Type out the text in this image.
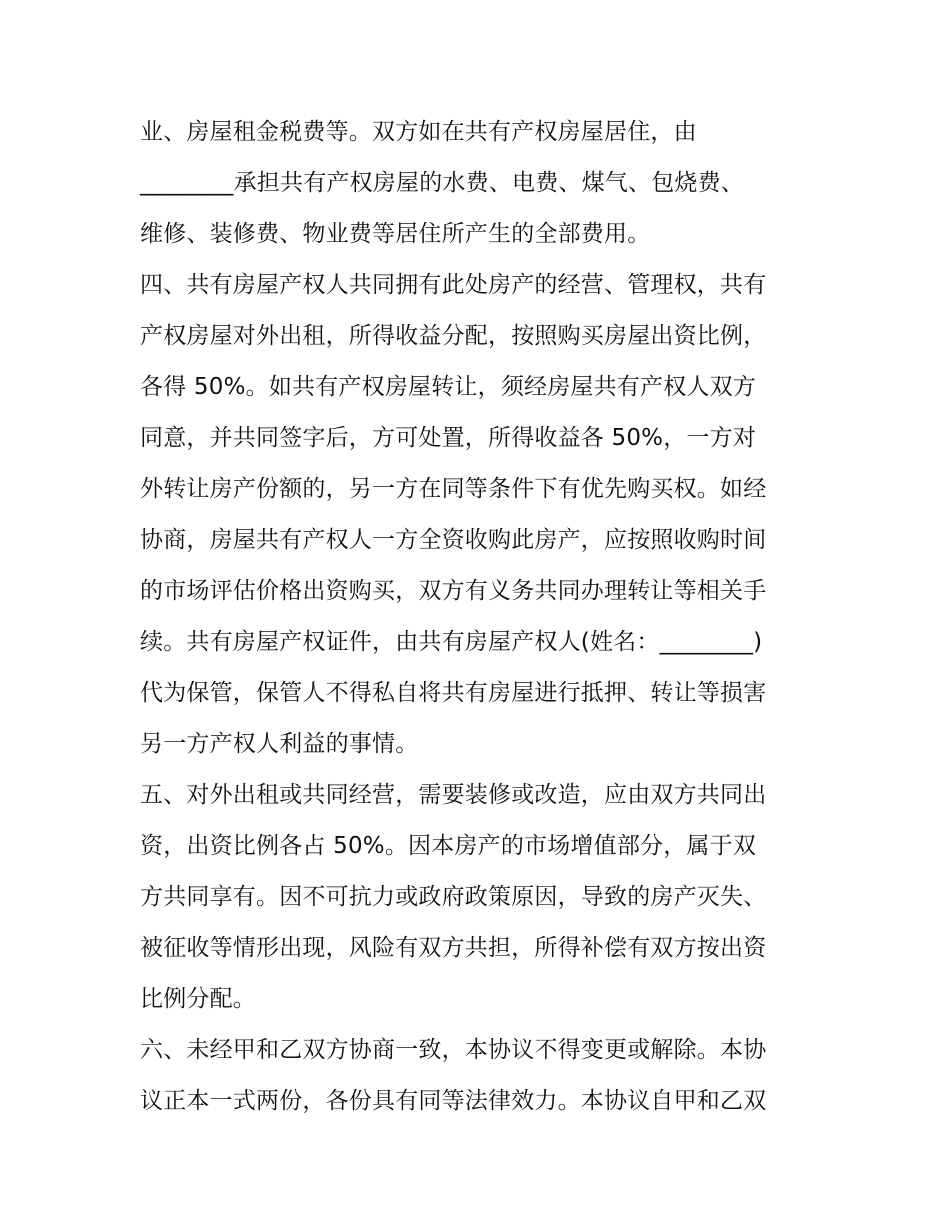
业、房屋租金税费等。双方如在共有产权房屋居住，由
________承担共有产权房屋的水费、电费、煤气、包烧费、
维修、装修费、物业费等居住所产生的全部费用。
四、共有房屋产权人共同拥有此处房产的经营、管理权，共有
产权房屋对外出租，所得收益分配，按照购买房屋出资比例，
各得 50%。如共有产权房屋转让，须经房屋共有产权人双方
同意，并共同签字后，方可处置，所得收益各 50%，一方对
外转让房产份额的，另一方在同等条件下有优先购买权。如经
协商，房屋共有产权人一方全资收购此房产，应按照收购时间
的市场评估价格出资购买，双方有义务共同办理转让等相关手
续。共有房屋产权证件，由共有房屋产权人(姓名：________)
代为保管，保管人不得私自将共有房屋进行抵押、转让等损害
另一方产权人利益的事情。
五、对外出租或共同经营，需要装修或改造，应由双方共同出
资，出资比例各占 50%。因本房产的市场增值部分，属于双
方共同享有。因不可抗力或政府政策原因，导致的房产灭失、
被征收等情形出现，风险有双方共担，所得补偿有双方按出资
比例分配。
六、未经甲和乙双方协商一致，本协议不得变更或解除。本协
议正本一式两份，各份具有同等法律效力。本协议自甲和乙双
